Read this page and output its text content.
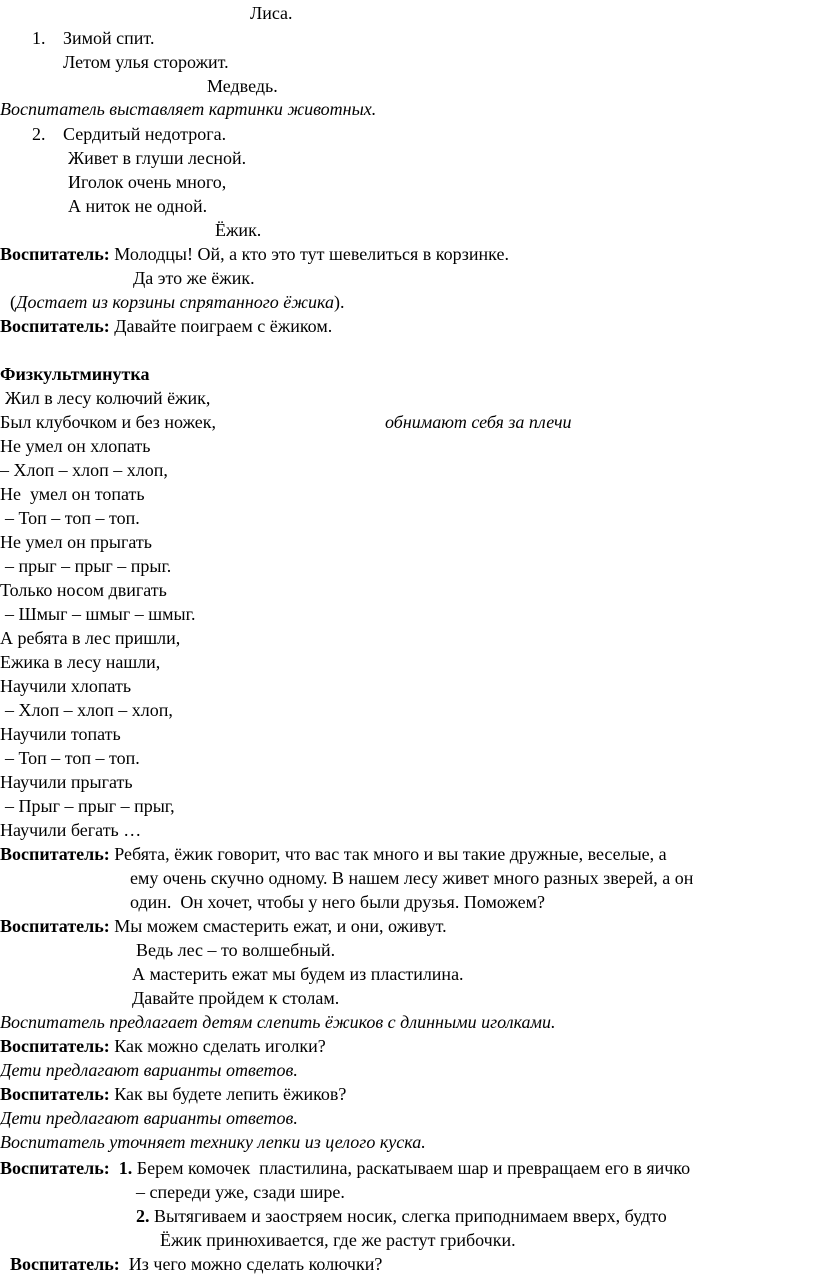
Лиса.
1. Зимой спит.
Летом улья сторожит.
Медведь.
Воспитатель выставляет картинки животных.
2. Сердитый недотрога.
Живет в глуши лесной.
Иголок очень много,
А ниток не одной.
Ёжик.
Воспитатель: Молодцы! Ой, а кто это тут шевелиться в корзинке.
Да это же ёжик.
(Достает из корзины спрятанного ёжика).
Воспитатель: Давайте поиграем с ёжиком.
Физкультминутка
Жил в лесу колючий ёжик,
Был клубочком и без ножек,	обнимают себя за плечи
Не умел он хлопать
– Хлоп – хлоп – хлоп,
Не  умел он топать
– Топ – топ – топ.
Не умел он прыгать
– прыг – прыг – прыг.
Только носом двигать
– Шмыг – шмыг – шмыг.
А ребята в лес пришли,
Ежика в лесу нашли,
Научили хлопать
– Хлоп – хлоп – хлоп,
Научили топать
– Топ – топ – топ.
Научили прыгать
– Прыг – прыг – прыг,
Научили бегать …
Воспитатель: Ребята, ёжик говорит, что вас так много и вы такие дружные, веселые, а
ему очень скучно одному. В нашем лесу живет много разных зверей, а он
один.  Он хочет, чтобы у него были друзья. Поможем?
Воспитатель: Мы можем смастерить ежат, и они, оживут.
Ведь лес – то волшебный.
А мастерить ежат мы будем из пластилина.
Давайте пройдем к столам.
Воспитатель предлагает детям слепить ёжиков с длинными иголками.
Воспитатель: Как можно сделать иголки?
Дети предлагают варианты ответов.
Воспитатель: Как вы будете лепить ёжиков?
Дети предлагают варианты ответов.
Воспитатель уточняет технику лепки из целого куска.
Воспитатель: 1. Берем комочек  пластилина, раскатываем шар и превращаем его в яичко
– спереди уже, сзади шире.
2. Вытягиваем и заостряем носик, слегка приподнимаем вверх, будто
Ёжик принюхивается, где же растут грибочки.
Воспитатель: Из чего можно сделать колючки?
